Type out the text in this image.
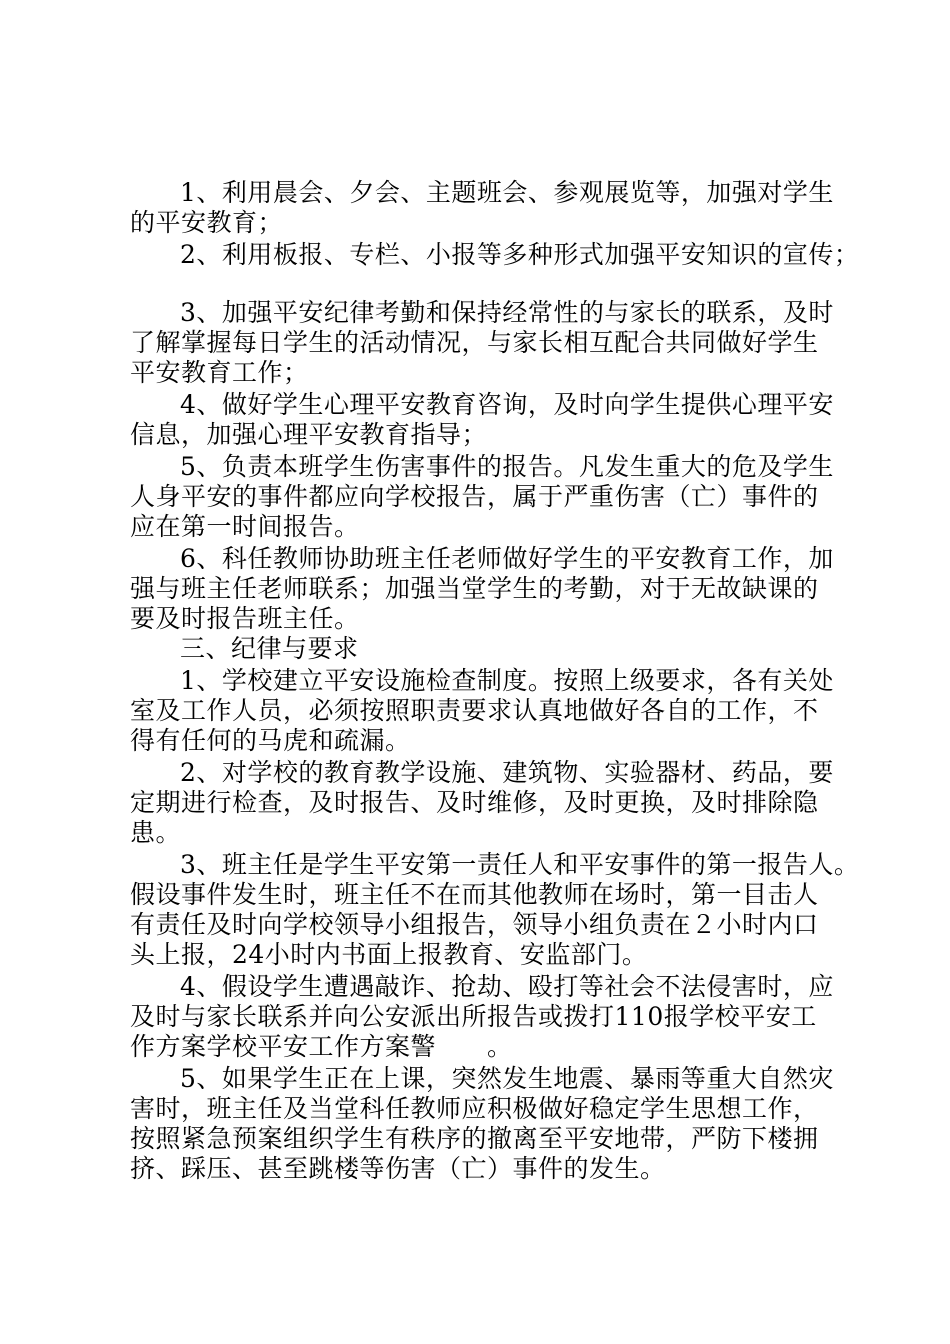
1、利用晨会、夕会、主题班会、参观展览等，加强对学生
的平安教育；
2、利用板报、专栏、小报等多种形式加强平安知识的宣传；
3、加强平安纪律考勤和保持经常性的与家长的联系，及时
了解掌握每日学生的活动情况，与家长相互配合共同做好学生
平安教育工作；
4、做好学生心理平安教育咨询，及时向学生提供心理平安
信息，加强心理平安教育指导；
5、负责本班学生伤害事件的报告。凡发生重大的危及学生
人身平安的事件都应向学校报告，属于严重伤害（亡）事件的
应在第一时间报告。
6、科任教师协助班主任老师做好学生的平安教育工作，加
强与班主任老师联系；加强当堂学生的考勤，对于无故缺课的
要及时报告班主任。
三、纪律与要求
1、学校建立平安设施检查制度。按照上级要求，各有关处
室及工作人员，必须按照职责要求认真地做好各自的工作，不
得有任何的马虎和疏漏。
2、对学校的教育教学设施、建筑物、实验器材、药品，要
定期进行检查，及时报告、及时维修，及时更换，及时排除隐
患。
3、班主任是学生平安第一责任人和平安事件的第一报告人。
假设事件发生时，班主任不在而其他教师在场时，第一目击人
有责任及时向学校领导小组报告，领导小组负责在２小时内口
头上报，24小时内书面上报教育、安监部门。
4、假设学生遭遇敲诈、抢劫、殴打等社会不法侵害时，应
及时与家长联系并向公安派出所报告或拨打110报学校平安工
作方案学校平安工作方案警　　。
5、如果学生正在上课，突然发生地震、暴雨等重大自然灾
害时，班主任及当堂科任教师应积极做好稳定学生思想工作，
按照紧急预案组织学生有秩序的撤离至平安地带，严防下楼拥
挤、踩压、甚至跳楼等伤害（亡）事件的发生。
